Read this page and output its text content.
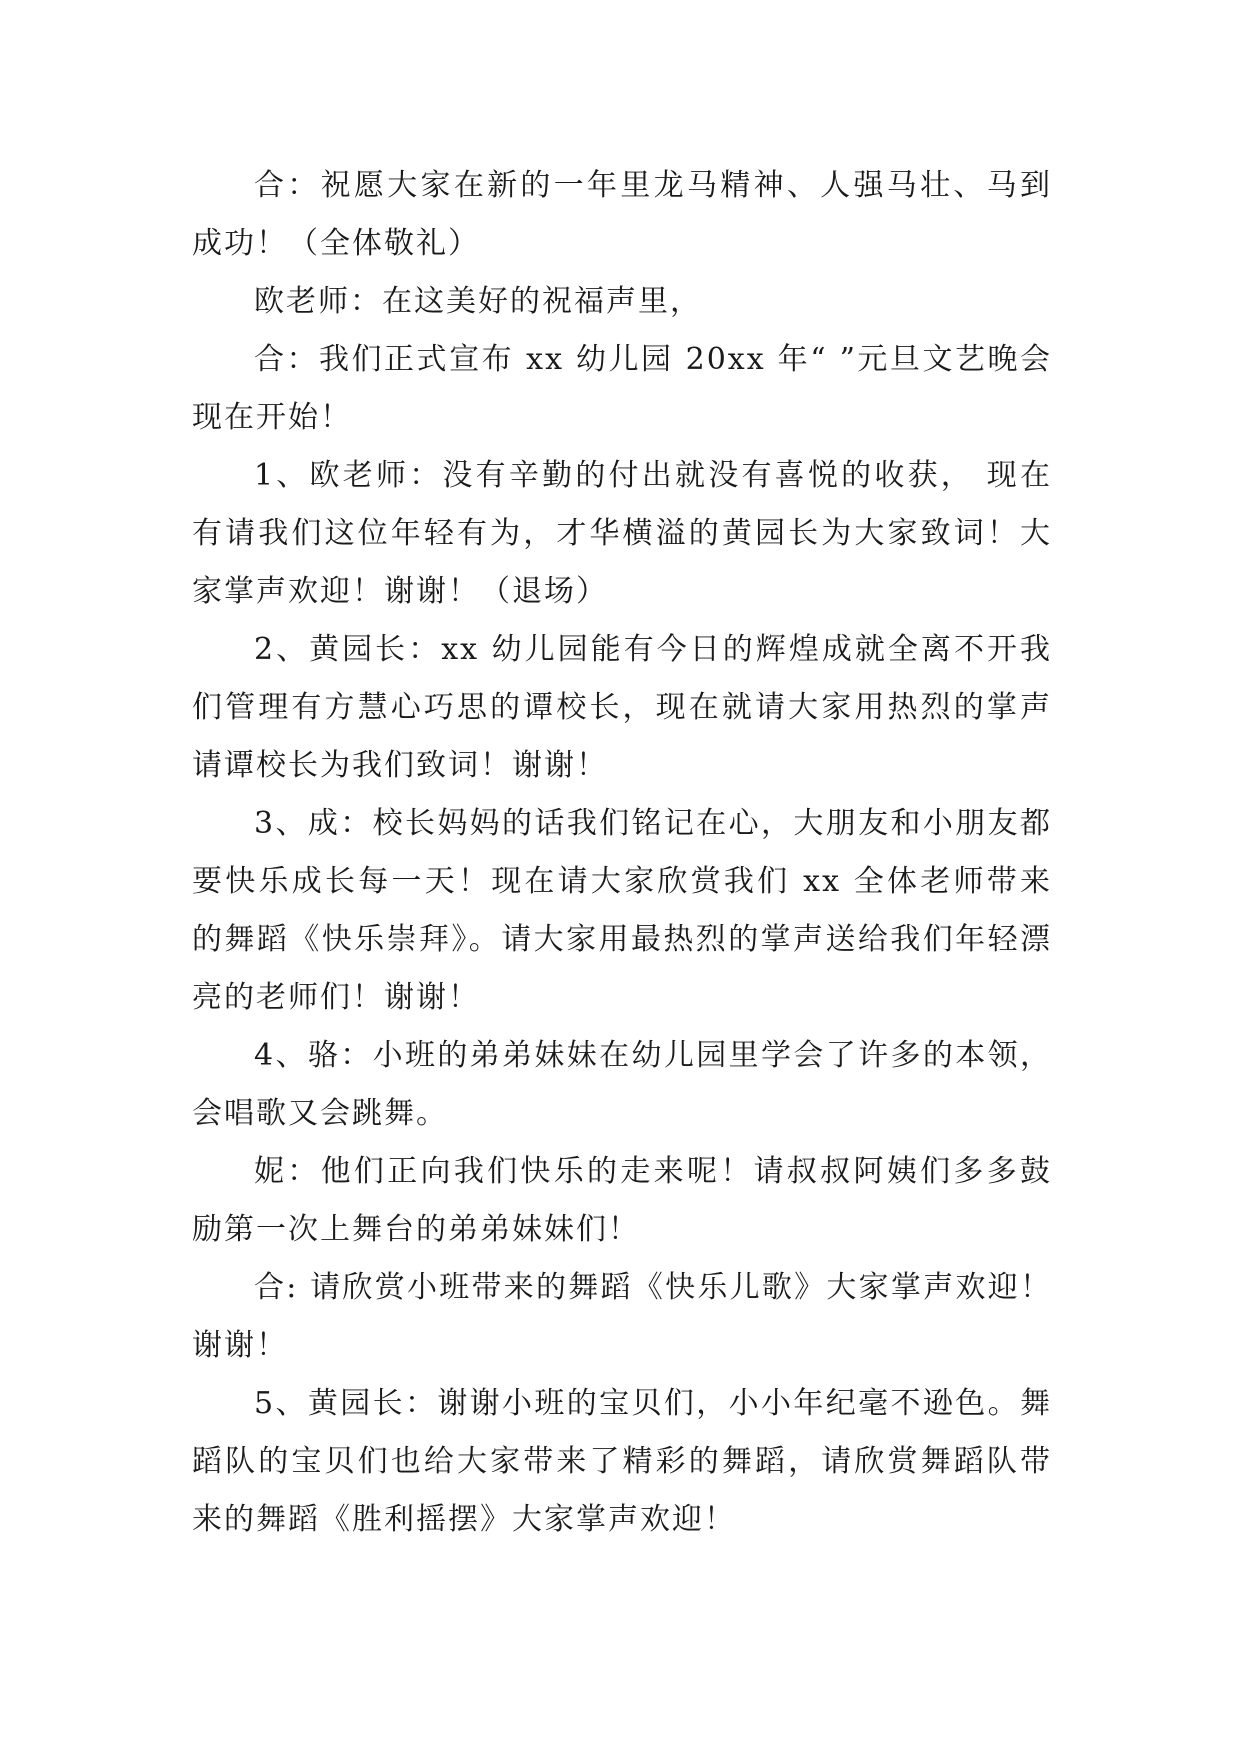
合：祝愿大家在新的一年里龙马精神、人强马壮、马到成功！（全体敬礼）

欧老师：在这美好的祝福声里，

合：我们正式宣布 xx 幼儿园 20xx 年“ ”元旦文艺晚会现在开始！

1、欧老师：没有辛勤的付出就没有喜悦的收获， 现在有请我们这位年轻有为，才华横溢的黄园长为大家致词！大家掌声欢迎！谢谢！（退场）

2、黄园长：xx 幼儿园能有今日的辉煌成就全离不开我们管理有方慧心巧思的谭校长，现在就请大家用热烈的掌声请谭校长为我们致词！谢谢！

3、成：校长妈妈的话我们铭记在心，大朋友和小朋友都要快乐成长每一天！现在请大家欣赏我们 xx 全体老师带来的舞蹈《快乐崇拜》。请大家用最热烈的掌声送给我们年轻漂亮的老师们！谢谢！

4、骆：小班的弟弟妹妹在幼儿园里学会了许多的本领，会唱歌又会跳舞。

妮：他们正向我们快乐的走来呢！请叔叔阿姨们多多鼓励第一次上舞台的弟弟妹妹们！

合: 请欣赏小班带来的舞蹈《快乐儿歌》大家掌声欢迎！谢谢！

5、黄园长：谢谢小班的宝贝们，小小年纪毫不逊色。舞蹈队的宝贝们也给大家带来了精彩的舞蹈，请欣赏舞蹈队带来的舞蹈《胜利摇摆》大家掌声欢迎！
